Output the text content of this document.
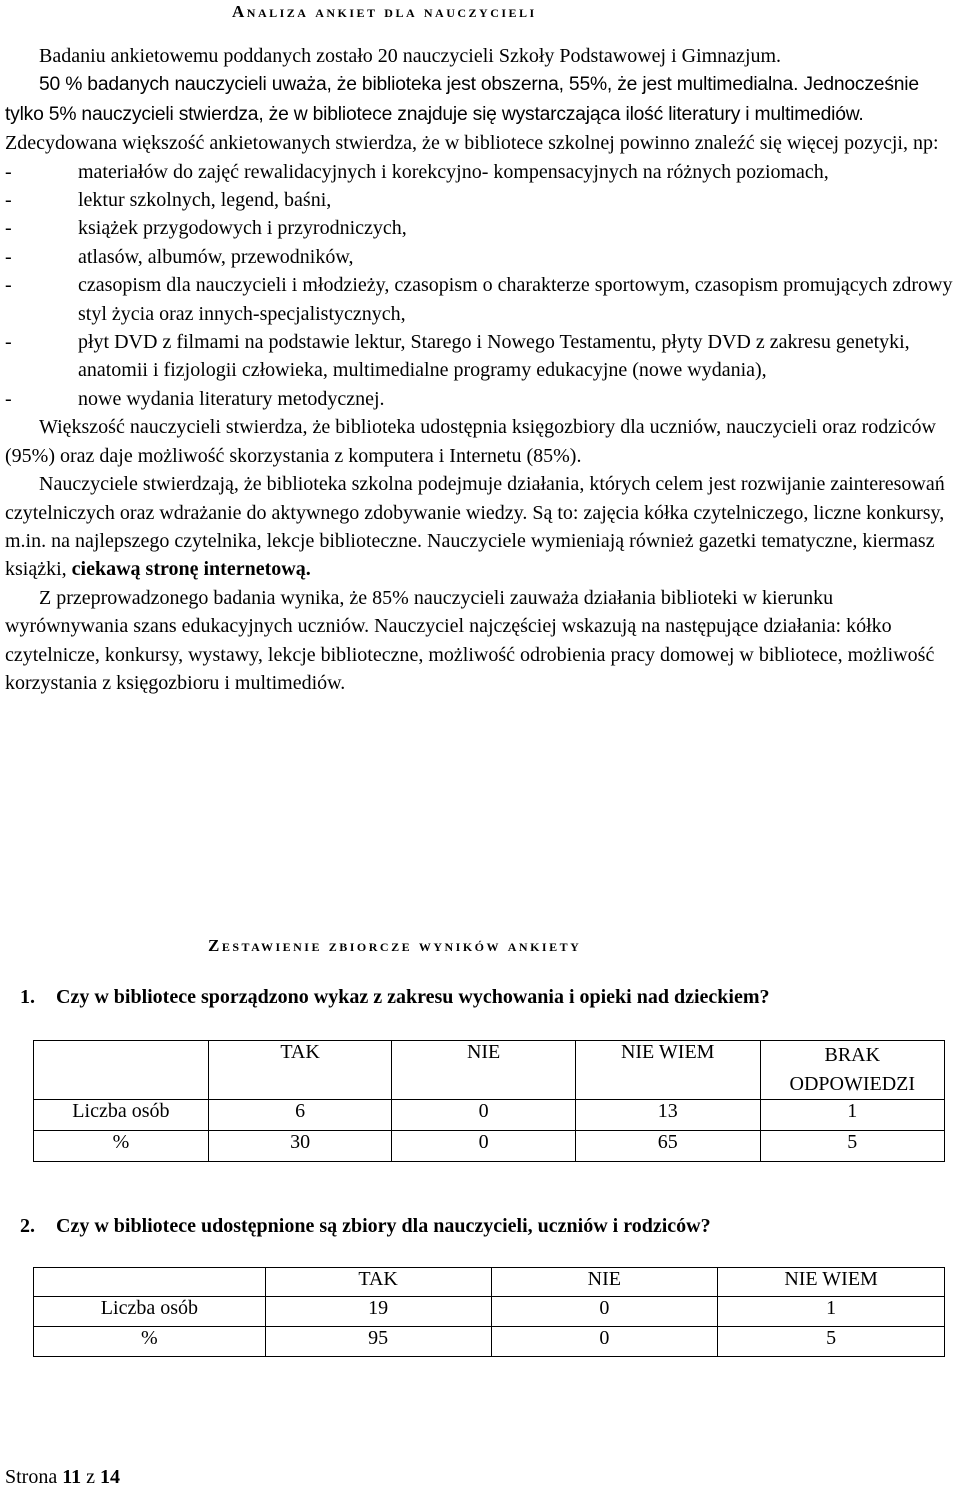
Analiza ankiet dla nauczycieli

Badaniu ankietowemu poddanych zostało 20 nauczycieli Szkoły Podstawowej i Gimnazjum.

50 % badanych nauczycieli uważa, że biblioteka jest obszerna, 55%, że jest multimedialna. Jednocześnie tylko 5% nauczycieli stwierdza, że w bibliotece znajduje się wystarczająca ilość literatury i multimediów. Zdecydowana większość ankietowanych stwierdza, że w bibliotece szkolnej powinno znaleźć się więcej pozycji, np:

-	materiałów do zajęć rewalidacyjnych i korekcyjno- kompensacyjnych na różnych poziomach,
-	lektur szkolnych, legend, baśni,
-	książek przygodowych i przyrodniczych,
-	atlasów, albumów, przewodników,
-	czasopism dla nauczycieli i młodzieży, czasopism o charakterze sportowym, czasopism promujących zdrowy styl życia oraz innych-specjalistycznych,
-	płyt DVD z filmami na podstawie lektur, Starego i Nowego Testamentu, płyty DVD z zakresu genetyki, anatomii i fizjologii człowieka, multimedialne programy edukacyjne (nowe wydania),
-	nowe wydania literatury metodycznej.

Większość nauczycieli stwierdza, że biblioteka udostępnia księgozbiory dla uczniów, nauczycieli oraz rodziców (95%) oraz daje możliwość skorzystania z komputera i Internetu (85%).

Nauczyciele stwierdzają, że biblioteka szkolna podejmuje działania, których celem jest rozwijanie zainteresowań czytelniczych oraz wdrażanie do aktywnego zdobywanie wiedzy. Są to: zajęcia kółka czytelniczego, liczne konkursy, m.in. na najlepszego czytelnika, lekcje biblioteczne. Nauczyciele wymieniają również gazetki tematyczne, kiermasz książki, ciekawą stronę internetową.

Z przeprowadzonego badania wynika, że 85% nauczycieli zauważa działania biblioteki w kierunku wyrównywania szans edukacyjnych uczniów. Nauczyciel najczęściej wskazują na następujące działania: kółko czytelnicze, konkursy, wystawy, lekcje biblioteczne, możliwość odrobienia pracy domowej w bibliotece, możliwość korzystania z księgozbioru i multimediów.

Zestawienie zbiorcze wyników ankiety
1. Czy w bibliotece sporządzono wykaz z zakresu wychowania i opieki nad dzieckiem?
	TAK	NIE	NIE WIEM	BRAK ODPOWIEDZI
Liczba osób	6	0	13	1
%	30	0	65	5
2. Czy w bibliotece udostępnione są zbiory dla nauczycieli, uczniów i rodziców?
	TAK	NIE	NIE WIEM
Liczba osób	19	0	1
%	95	0	5
Strona 11 z 14
